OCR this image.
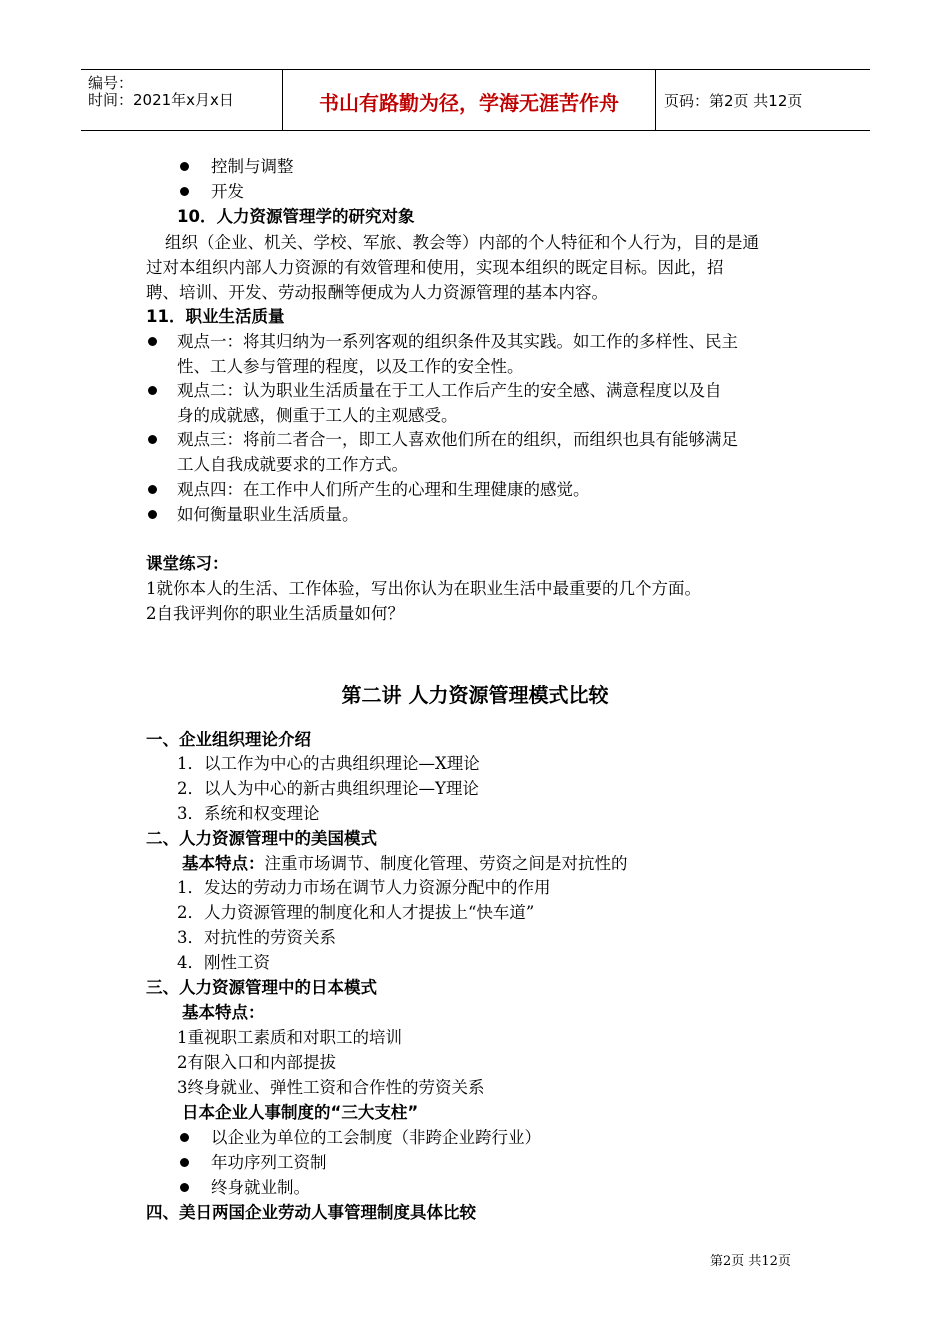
编号：
时间：2021年x月x日	书山有路勤为径，学海无涯苦作舟	页码：第2页 共12页
控制与调整
开发
10．人力资源管理学的研究对象
组织（企业、机关、学校、军旅、教会等）内部的个人特征和个人行为，目的是通
过对本组织内部人力资源的有效管理和使用，实现本组织的既定目标。因此，招
聘、培训、开发、劳动报酬等便成为人力资源管理的基本内容。
11．职业生活质量
观点一：将其归纳为一系列客观的组织条件及其实践。如工作的多样性、民主
性、工人参与管理的程度，以及工作的安全性。
观点二：认为职业生活质量在于工人工作后产生的安全感、满意程度以及自
身的成就感，侧重于工人的主观感受。
观点三：将前二者合一，即工人喜欢他们所在的组织，而组织也具有能够满足
工人自我成就要求的工作方式。
观点四：在工作中人们所产生的心理和生理健康的感觉。
如何衡量职业生活质量。
课堂练习：
1就你本人的生活、工作体验，写出你认为在职业生活中最重要的几个方面。
2自我评判你的职业生活质量如何？
第二讲 人力资源管理模式比较
一、企业组织理论介绍
1．以工作为中心的古典组织理论—X理论
2．以人为中心的新古典组织理论—Y理论
3．系统和权变理论
二、人力资源管理中的美国模式
基本特点：注重市场调节、制度化管理、劳资之间是对抗性的
1．发达的劳动力市场在调节人力资源分配中的作用
2．人力资源管理的制度化和人才提拔上“快车道”
3．对抗性的劳资关系
4．刚性工资
三、人力资源管理中的日本模式
基本特点：
1重视职工素质和对职工的培训
2有限入口和内部提拔
3终身就业、弹性工资和合作性的劳资关系
日本企业人事制度的“三大支柱”
以企业为单位的工会制度（非跨企业跨行业）
年功序列工资制
终身就业制。
四、美日两国企业劳动人事管理制度具体比较
第2页 共12页
